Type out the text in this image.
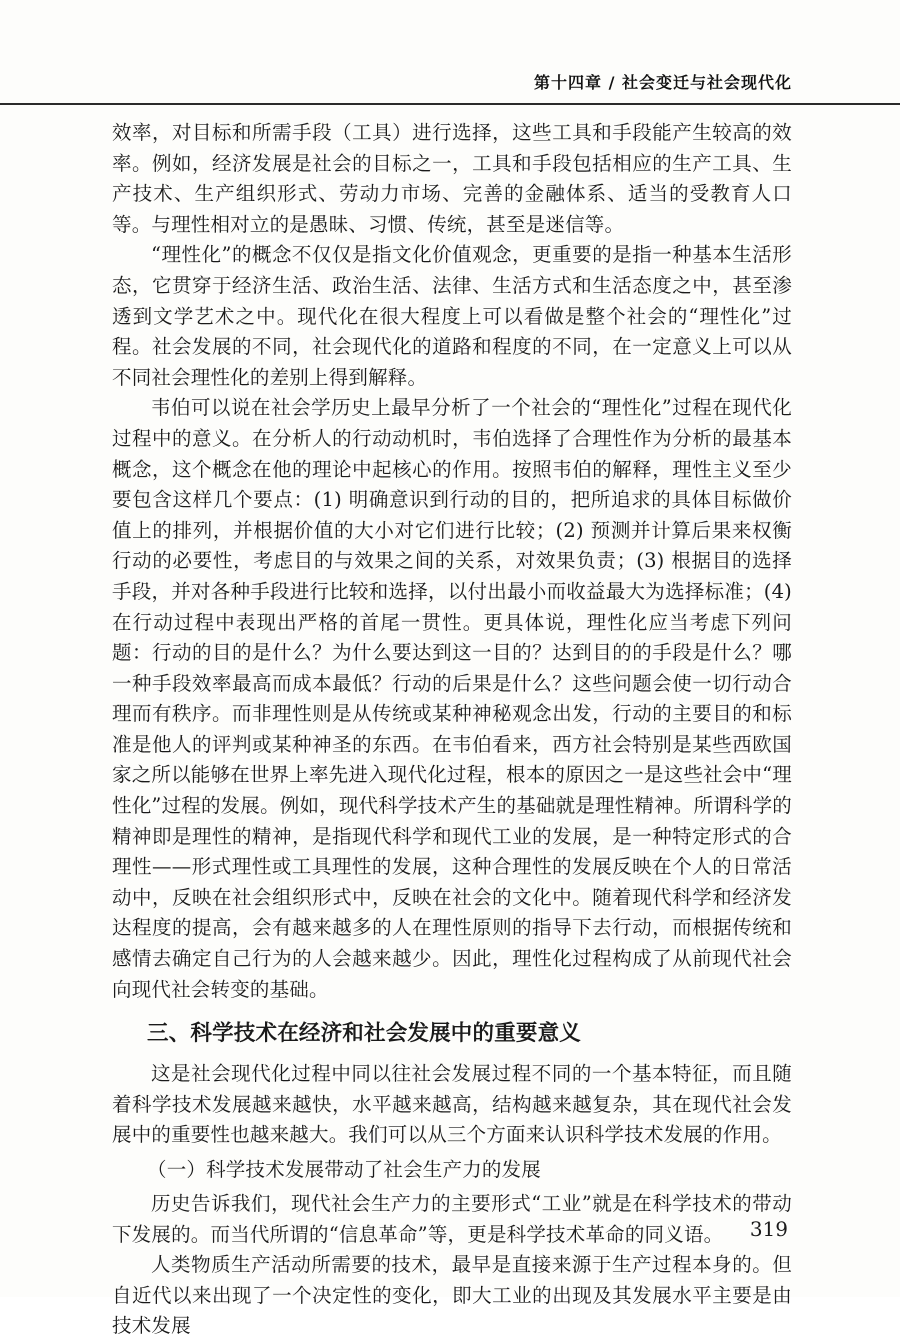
第十四章 / 社会变迁与社会现代化

效率，对目标和所需手段（工具）进行选择，这些工具和手段能产生较高的效率。例如，经济发展是社会的目标之一，工具和手段包括相应的生产工具、生产技术、生产组织形式、劳动力市场、完善的金融体系、适当的受教育人口等。与理性相对立的是愚昧、习惯、传统，甚至是迷信等。

“理性化”的概念不仅仅是指文化价值观念，更重要的是指一种基本生活形态，它贯穿于经济生活、政治生活、法律、生活方式和生活态度之中，甚至渗透到文学艺术之中。现代化在很大程度上可以看做是整个社会的“理性化”过程。社会发展的不同，社会现代化的道路和程度的不同，在一定意义上可以从不同社会理性化的差别上得到解释。

韦伯可以说在社会学历史上最早分析了一个社会的“理性化”过程在现代化过程中的意义。在分析人的行动动机时，韦伯选择了合理性作为分析的最基本概念，这个概念在他的理论中起核心的作用。按照韦伯的解释，理性主义至少要包含这样几个要点：(1) 明确意识到行动的目的，把所追求的具体目标做价值上的排列，并根据价值的大小对它们进行比较；(2) 预测并计算后果来权衡行动的必要性，考虑目的与效果之间的关系，对效果负责；(3) 根据目的选择手段，并对各种手段进行比较和选择，以付出最小而收益最大为选择标准；(4) 在行动过程中表现出严格的首尾一贯性。更具体说，理性化应当考虑下列问题：行动的目的是什么？为什么要达到这一目的？达到目的的手段是什么？哪一种手段效率最高而成本最低？行动的后果是什么？这些问题会使一切行动合理而有秩序。而非理性则是从传统或某种神秘观念出发，行动的主要目的和标准是他人的评判或某种神圣的东西。在韦伯看来，西方社会特别是某些西欧国家之所以能够在世界上率先进入现代化过程，根本的原因之一是这些社会中“理性化”过程的发展。例如，现代科学技术产生的基础就是理性精神。所谓科学的精神即是理性的精神，是指现代科学和现代工业的发展，是一种特定形式的合理性——形式理性或工具理性的发展，这种合理性的发展反映在个人的日常活动中，反映在社会组织形式中，反映在社会的文化中。随着现代科学和经济发达程度的提高，会有越来越多的人在理性原则的指导下去行动，而根据传统和感情去确定自己行为的人会越来越少。因此，理性化过程构成了从前现代社会向现代社会转变的基础。

三、科学技术在经济和社会发展中的重要意义

这是社会现代化过程中同以往社会发展过程不同的一个基本特征，而且随着科学技术发展越来越快，水平越来越高，结构越来越复杂，其在现代社会发展中的重要性也越来越大。我们可以从三个方面来认识科学技术发展的作用。

（一）科学技术发展带动了社会生产力的发展

历史告诉我们，现代社会生产力的主要形式“工业”就是在科学技术的带动下发展的。而当代所谓的“信息革命”等，更是科学技术革命的同义语。

人类物质生产活动所需要的技术，最早是直接来源于生产过程本身的。但自近代以来出现了一个决定性的变化，即大工业的出现及其发展水平主要是由技术发展

319
